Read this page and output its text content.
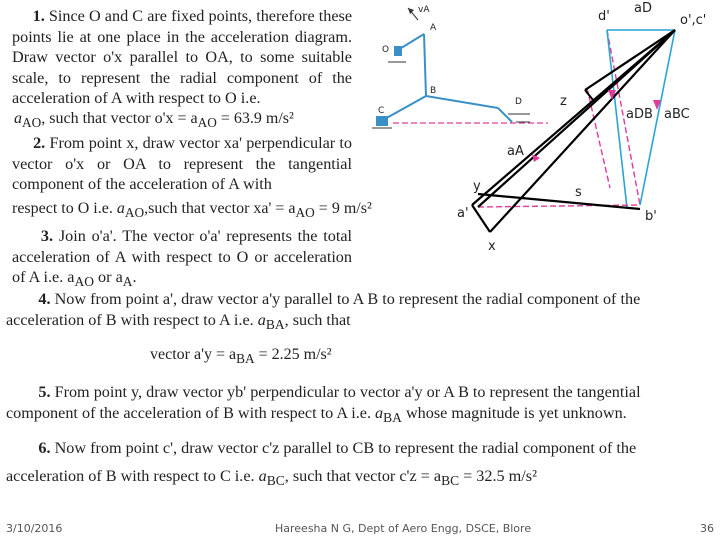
vA
A
O
B
C
D
d'
aD
o',c'
z
aDB aBC
aA
y	s
a'	b'
x
1. Since O and C are fixed points, therefore these points lie at one place in the acceleration diagram. Draw vector o'x parallel to OA, to some suitable scale, to represent the radial component of the acceleration of A with respect to O i.e.
$a_{AO}$, such that vector $o'x = a_{AO} = 63.9$ m/s²
2. From point x, draw vector xa' perpendicular to vector o'x or OA to represent the tangential component of the acceleration of A with
respect to O i.e. $a_{AO},such$ that vector $xa' = a_{AO} = 9$ m/s²
3. Join o'a'. The vector o'a' represents the total acceleration of A with respect to O or acceleration of A i.e. $a_{AO}$ or $a_A$.
4. Now from point a', draw vector a'y parallel to A B to represent the radial component of the
acceleration of B with respect to A i.e. $a_{BA}$, such that
vector $a'y = a_{BA} = 2.25$ m/s²
5. From point y, draw vector yb' perpendicular to vector a'y or A B to represent the tangential
component of the acceleration of B with respect to A i.e. $a_{BA}$ whose magnitude is yet unknown.
6. Now from point c', draw vector c'z parallel to CB to represent the radial component of the
acceleration of B with respect to C i.e. $a_{BC}$, such that vector $c'z = a_{BC} = 32.5$ m/s²
3/10/2016	Hareesha N G, Dept of Aero Engg, DSCE, Blore	36
